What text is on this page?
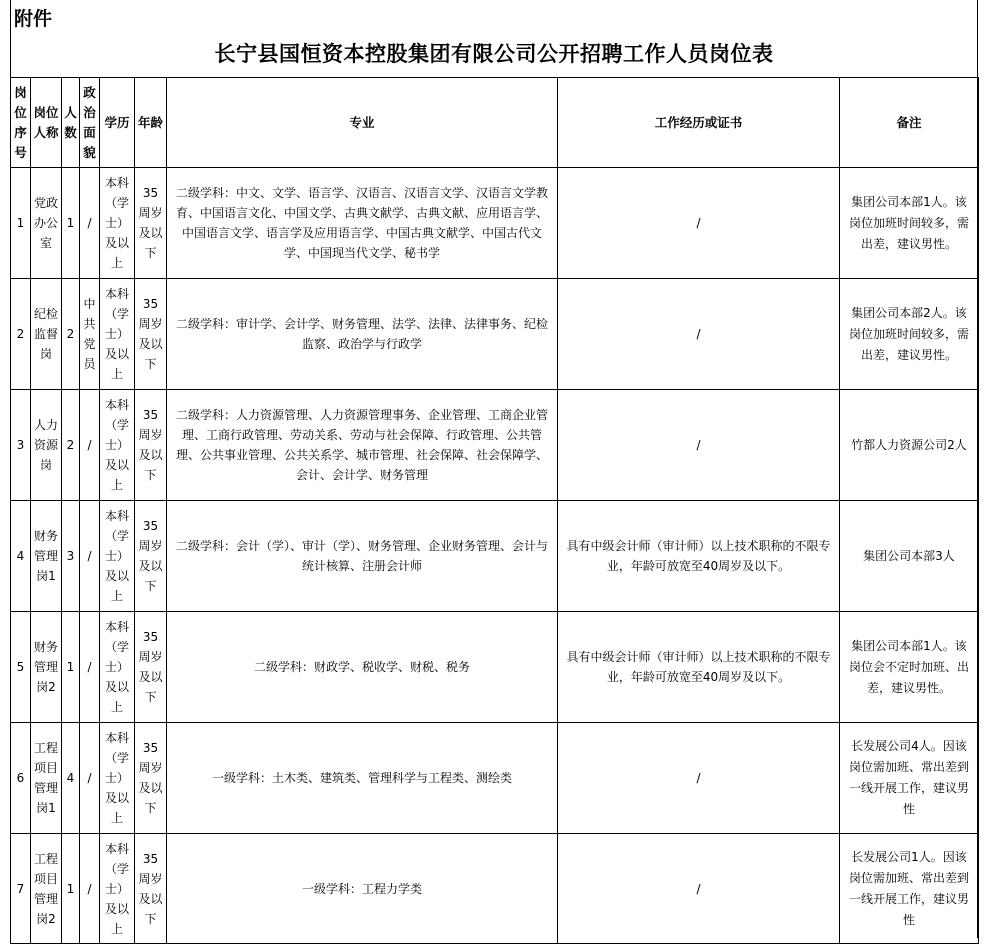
附件
长宁县国恒资本控股集团有限公司公开招聘工作人员岗位表
岗位序号	岗位人称	人数	政治面貌	学历	年龄	专业	工作经历或证书	备注
1	党政办公室	1	/	本科（学士）及以上	35周岁及以下	二级学科：中文、文学、语言学、汉语言、汉语言文学、汉语言文学教育、中国语言文化、中国文学、古典文献学、古典文献、应用语言学、中国语言文学、语言学及应用语言学、中国古典文献学、中国古代文学、中国现当代文学、秘书学	/	集团公司本部1人。该岗位加班时间较多，需出差，建议男性。
2	纪检监督岗	2	中共党员	本科（学士）及以上	35周岁及以下	二级学科：审计学、会计学、财务管理、法学、法律、法律事务、纪检监察、政治学与行政学	/	集团公司本部2人。该岗位加班时间较多，需出差，建议男性。
3	人力资源岗	2	/	本科（学士）及以上	35周岁及以下	二级学科：人力资源管理、人力资源管理事务、企业管理、工商企业管理、工商行政管理、劳动关系、劳动与社会保障、行政管理、公共管理、公共事业管理、公共关系学、城市管理、社会保障、社会保障学、会计、会计学、财务管理	/	竹都人力资源公司2人
4	财务管理岗1	3	/	本科（学士）及以上	35周岁及以下	二级学科：会计（学）、审计（学）、财务管理、企业财务管理、会计与统计核算、注册会计师	具有中级会计师（审计师）以上技术职称的不限专业，年龄可放宽至40周岁及以下。	集团公司本部3人
5	财务管理岗2	1	/	本科（学士）及以上	35周岁及以下	二级学科：财政学、税收学、财税、税务	具有中级会计师（审计师）以上技术职称的不限专业，年龄可放宽至40周岁及以下。	集团公司本部1人。该岗位会不定时加班、出差，建议男性。
6	工程项目管理岗1	4	/	本科（学士）及以上	35周岁及以下	一级学科：土木类、建筑类、管理科学与工程类、测绘类	/	长发展公司4人。因该岗位需加班、常出差到一线开展工作，建议男性
7	工程项目管理岗2	1	/	本科（学士）及以上	35周岁及以下	一级学科：工程力学类	/	长发展公司1人。因该岗位需加班、常出差到一线开展工作，建议男性
